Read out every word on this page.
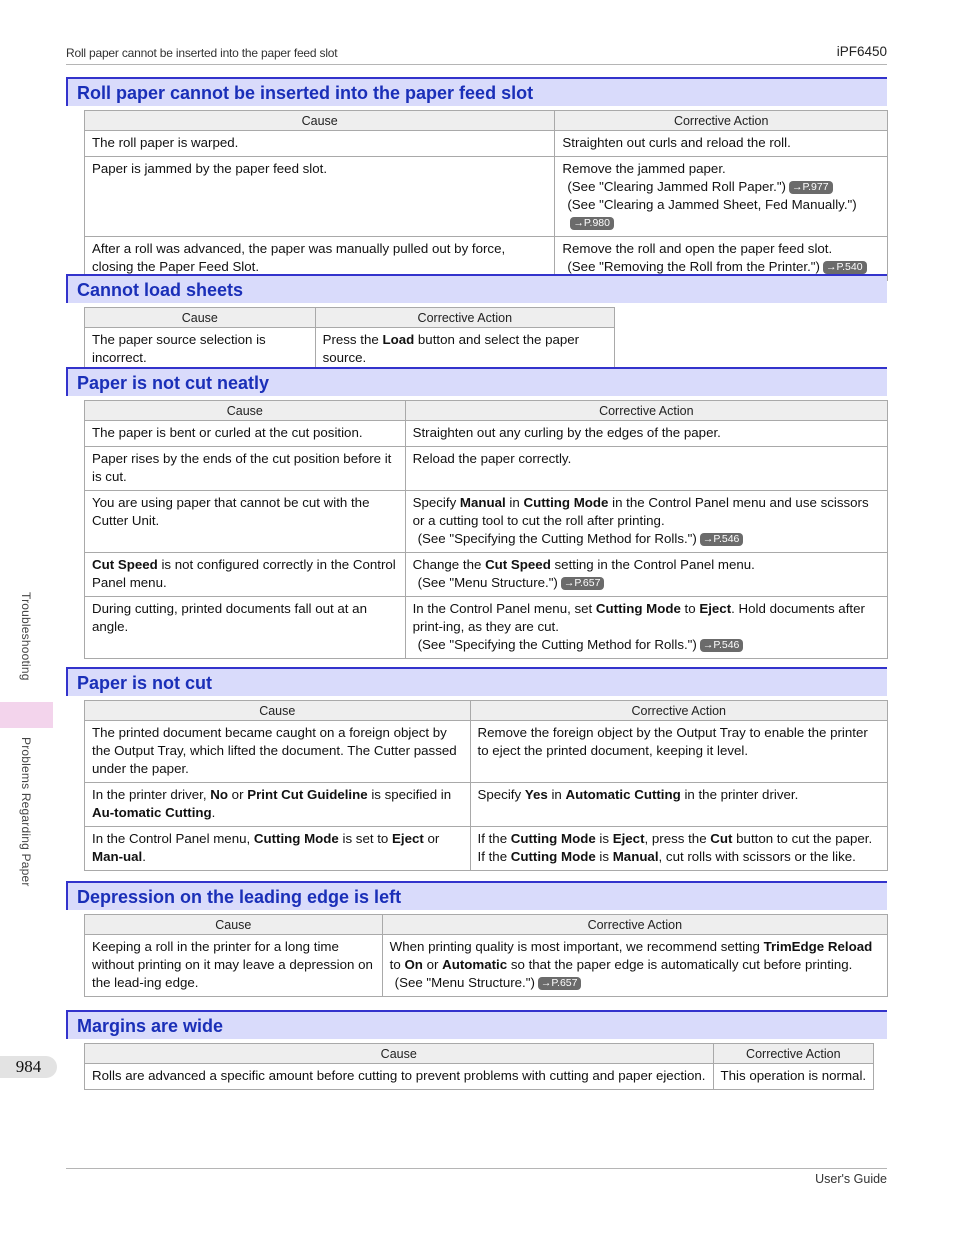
Roll paper cannot be inserted into the paper feed slot	iPF6450
Roll paper cannot be inserted into the paper feed slot
Cause	Corrective Action
The roll paper is warped.	Straighten out curls and reload the roll.
Paper is jammed by the paper feed slot.	Remove the jammed paper.
(See "Clearing Jammed Roll Paper.") →P.977 (See "Clearing a Jammed Sheet, Fed Manually.")→P.980
After a roll was advanced, the paper was manually pulled out by force, closing the Paper Feed Slot.	Remove the roll and open the paper feed slot.
(See "Removing the Roll from the Printer.") →P.540
Cannot load sheets
Cause	Corrective Action
The paper source selection is incorrect.	Press the Load button and select the paper source.
Paper is not cut neatly
Cause	Corrective Action
The paper is bent or curled at the cut position.	Straighten out any curling by the edges of the paper.
Paper rises by the ends of the cut position before it is cut.	Reload the paper correctly.
You are using paper that cannot be cut with the Cutter Unit.	Specify Manual in Cutting Mode in the Control Panel menu and use scissors or a cutting tool to cut the roll after printing.
(See "Specifying the Cutting Method for Rolls.") →P.546
Cut Speed is not configured correctly in the Control Panel menu.	Change the Cut Speed setting in the Control Panel menu.
(See "Menu Structure.") →P.657
During cutting, printed documents fall out at an angle.	In the Control Panel menu, set Cutting Mode to Eject. Hold documents after print-ing, as they are cut.
(See "Specifying the Cutting Method for Rolls.") →P.546
Paper is not cut
Cause	Corrective Action
The printed document became caught on a foreign object by the Output Tray, which lifted the document. The Cutter passed under the paper.	Remove the foreign object by the Output Tray to enable the printer to eject the printed document, keeping it level.
In the printer driver, No or Print Cut Guideline is specified in Au-tomatic Cutting.	Specify Yes in Automatic Cutting in the printer driver.
In the Control Panel menu, Cutting Mode is set to Eject or Man-ual.	If the Cutting Mode is Eject, press the Cut button to cut the paper.
If the Cutting Mode is Manual, cut rolls with scissors or the like.
Depression on the leading edge is left
Cause	Corrective Action
Keeping a roll in the printer for a long time without printing on it may leave a depression on the lead-ing edge.	When printing quality is most important, we recommend setting TrimEdge Reload to On or Automatic so that the paper edge is automatically cut before printing.
(See "Menu Structure.") →P.657
Margins are wide
Cause	Corrective Action
Rolls are advanced a specific amount before cutting to prevent problems with cutting and paper ejection.	This operation is normal.
Troubleshooting
Problems Regarding Paper
984
User's Guide
